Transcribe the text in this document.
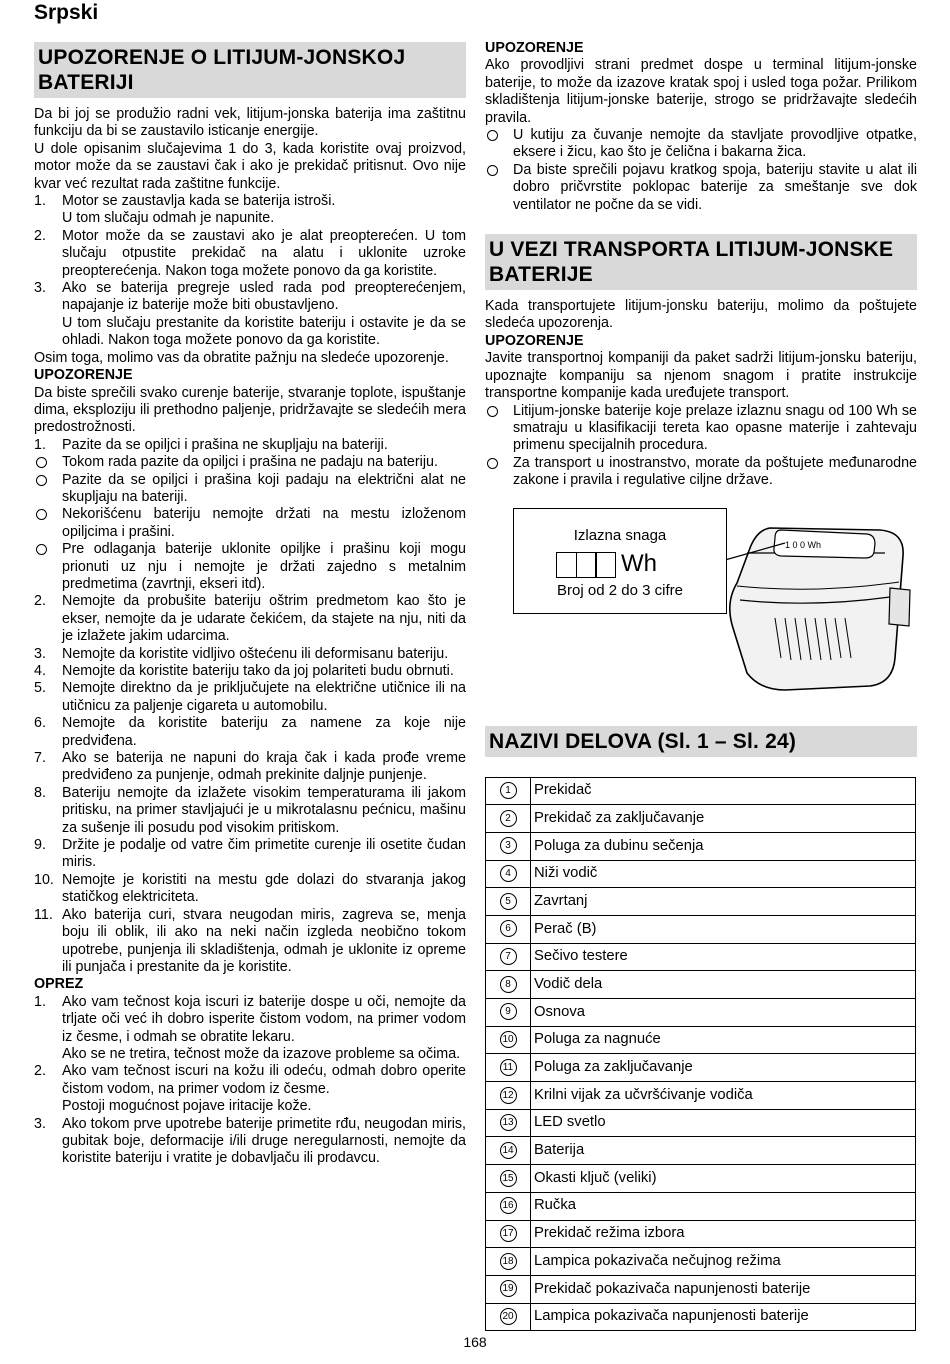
Srpski
UPOZORENJE O LITIJUM-JONSKOJ BATERIJI

Da bi joj se produžio radni vek, litijum-jonska baterija ima zaštitnu funkciju da bi se zaustavilo isticanje energije.

U dole opisanim slučajevima 1 do 3, kada koristite ovaj proizvod, motor može da se zaustavi čak i ako je prekidač pritisnut. Ovo nije kvar već rezultat rada zaštitne funkcije.

1. Motor se zaustavlja kada se baterija istroši.
U tom slučaju odmah je napunite.
2. Motor može da se zaustavi ako je alat preopterećen. U tom slučaju otpustite prekidač na alatu i uklonite uzroke preopterećenja. Nakon toga možete ponovo da ga koristite.
3. Ako se baterija pregreje usled rada pod preopterećenjem, napajanje iz baterije može biti obustavljeno.
U tom slučaju prestanite da koristite bateriju i ostavite je da se ohladi. Nakon toga možete ponovo da ga koristite.

Osim toga, molimo vas da obratite pažnju na sledeće upozorenje.

UPOZORENJE

Da biste sprečili svako curenje baterije, stvaranje toplote, ispuštanje dima, eksploziju ili prethodno paljenje, pridržavajte se sledećih mera predostrožnosti.

1. Pazite da se opiljci i prašina ne skupljaju na bateriji.
Tokom rada pazite da opiljci i prašina ne padaju na bateriju.
Pazite da se opiljci i prašina koji padaju na električni alat ne skupljaju na bateriji.
Nekorišćenu bateriju nemojte držati na mestu izloženom opiljcima i prašini.
Pre odlaganja baterije uklonite opiljke i prašinu koji mogu prionuti uz nju i nemojte je držati zajedno s metalnim predmetima (zavrtnji, ekseri itd).
2. Nemojte da probušite bateriju oštrim predmetom kao što je ekser, nemojte da je udarate čekićem, da stajete na nju, niti da je izlažete jakim udarcima.
3. Nemojte da koristite vidljivo oštećenu ili deformisanu bateriju.
4. Nemojte da koristite bateriju tako da joj polariteti budu obrnuti.
5. Nemojte direktno da je priključujete na električne utičnice ili na utičnicu za paljenje cigareta u automobilu.
6. Nemojte da koristite bateriju za namene za koje nije predviđena.
7. Ako se baterija ne napuni do kraja čak i kada prođe vreme predviđeno za punjenje, odmah prekinite daljnje punjenje.
8. Bateriju nemojte da izlažete visokim temperaturama ili jakom pritisku, na primer stavljajući je u mikrotalasnu pećnicu, mašinu za sušenje ili posudu pod visokim pritiskom.
9. Držite je podalje od vatre čim primetite curenje ili osetite čudan miris.
10. Nemojte je koristiti na mestu gde dolazi do stvaranja jakog statičkog elektriciteta.
11. Ako baterija curi, stvara neugodan miris, zagreva se, menja boju ili oblik, ili ako na neki način izgleda neobično tokom upotrebe, punjenja ili skladištenja, odmah je uklonite iz opreme ili punjača i prestanite da je koristite.
OPREZ
1. Ako vam tečnost koja iscuri iz baterije dospe u oči, nemojte da trljate oči već ih dobro isperite čistom vodom, na primer vodom iz česme, i odmah se obratite lekaru.
Ako se ne tretira, tečnost može da izazove probleme sa očima.
2. Ako vam tečnost iscuri na kožu ili odeću, odmah dobro operite čistom vodom, na primer vodom iz česme.
Postoji mogućnost pojave iritacije kože.
3. Ako tokom prve upotrebe baterije primetite rđu, neugodan miris, gubitak boje, deformacije i/ili druge neregularnosti, nemojte da koristite bateriju i vratite je dobavljaču ili prodavcu.
UPOZORENJE

Ako provodljivi strani predmet dospe u terminal litijum-jonske baterije, to može da izazove kratak spoj i usled toga požar. Prilikom skladištenja litijum-jonske baterije, strogo se pridržavajte sledećih pravila.

U kutiju za čuvanje nemojte da stavljate provodljive otpatke, eksere i žicu, kao što je čelična i bakarna žica.
Da biste sprečili pojavu kratkog spoja, bateriju stavite u alat ili dobro pričvrstite poklopac baterije za smeštanje sve dok ventilator ne počne da se vidi.
U VEZI TRANSPORTA LITIJUM-JONSKE BATERIJE

Kada transportujete litijum-jonsku bateriju, molimo da poštujete sledeća upozorenja.

UPOZORENJE

Javite transportnoj kompaniji da paket sadrži litijum-jonsku bateriju, upoznajte kompaniju sa njenom snagom i pratite instrukcije transportne kompanije kada uređujete transport.

Litijum-jonske baterije koje prelaze izlaznu snagu od 100 Wh se smatraju u klasifikaciji tereta kao opasne materije i zahtevaju primenu specijalnih procedura.
Za transport u inostranstvo, morate da poštujete međunarodne zakone i pravila i regulative ciljne države.
1 0 0 Wh
Izlazna snaga
Wh
Broj od 2 do 3 cifre
NAZIVI DELOVA (Sl. 1 – Sl. 24)
1	Prekidač
2	Prekidač za zaključavanje
3	Poluga za dubinu sečenja
4	Niži vodič
5	Zavrtanj
6	Perač (B)
7	Sečivo testere
8	Vodič dela
9	Osnova
10	Poluga za nagnuće
11	Poluga za zaključavanje
12	Krilni vijak za učvršćivanje vodiča
13	LED svetlo
14	Baterija
15	Okasti ključ (veliki)
16	Ručka
17	Prekidač režima izbora
18	Lampica pokazivača nečujnog režima
19	Prekidač pokazivača napunjenosti baterije
20	Lampica pokazivača napunjenosti baterije
168
